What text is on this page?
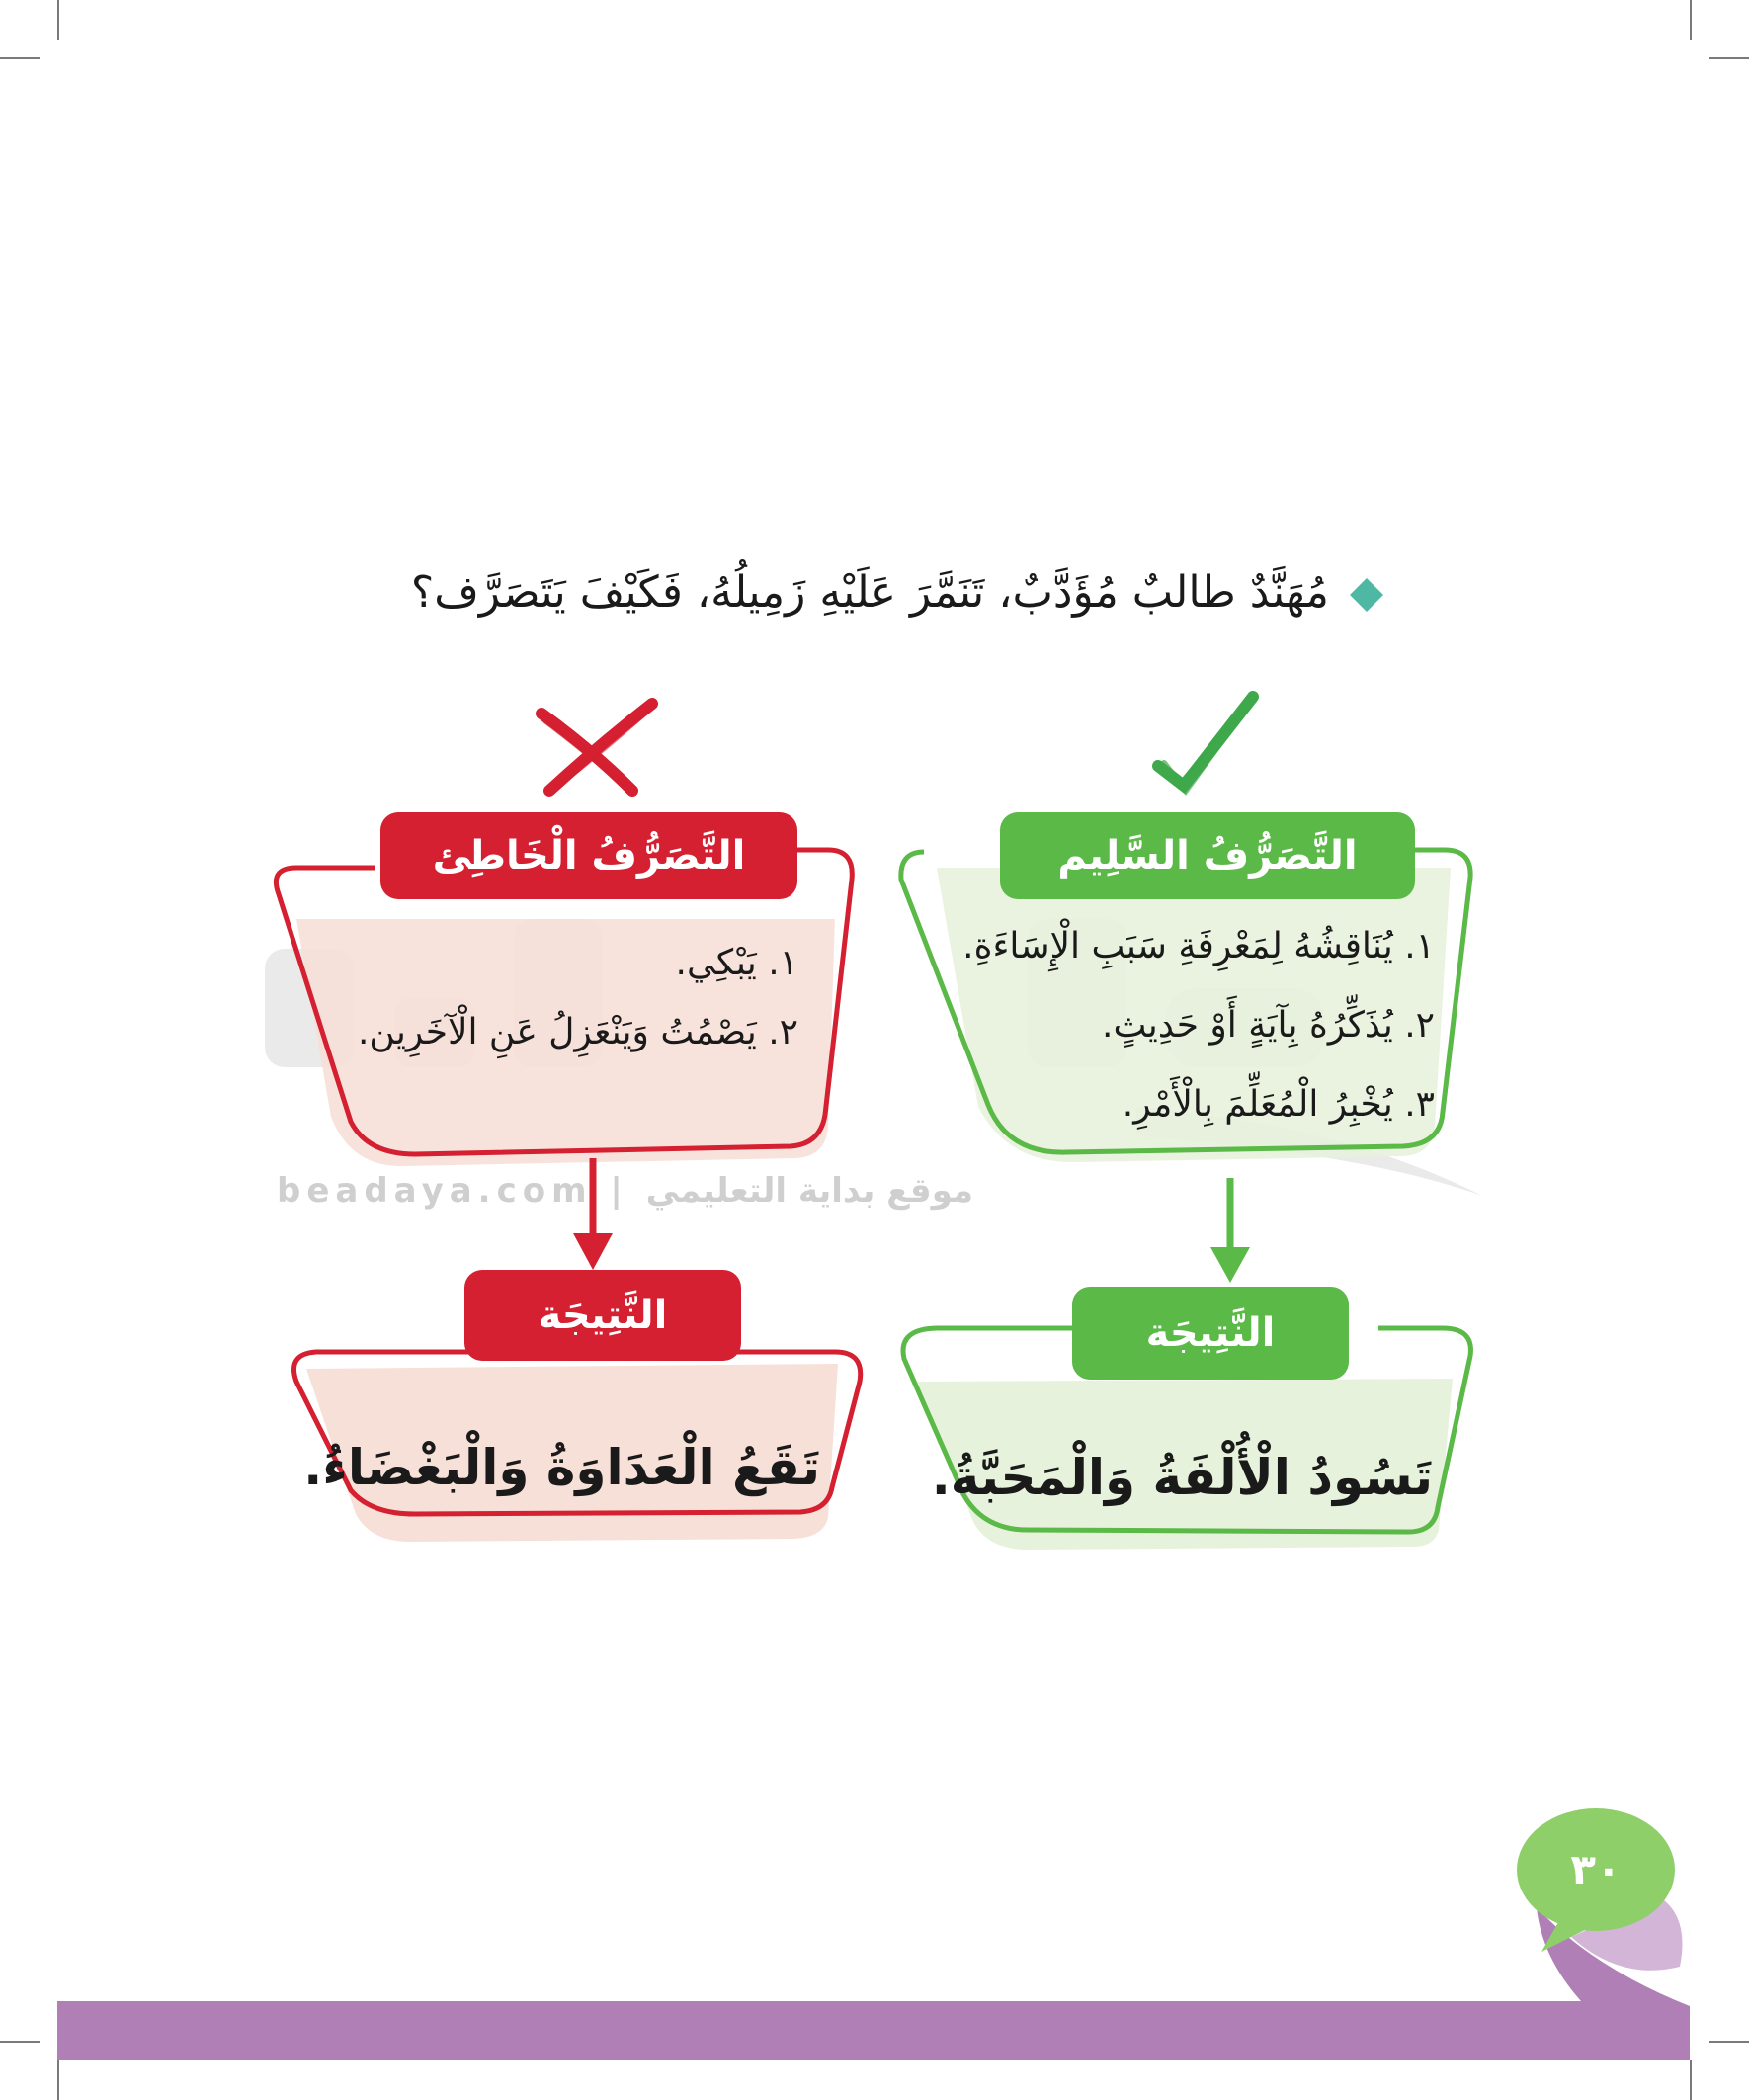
مُهَنَّدٌ طالبٌ مُؤَدَّبٌ، تَنَمَّرَ عَلَيْهِ زَمِيلُهُ، فَكَيْفَ يَتَصَرَّف؟
beadaya.com | موقع بداية التعليمي
التَّصَرُّفُ السَّلِيم
التَّصَرُّفُ الْخَاطِئ
١. يُنَاقِشُهُ لِمَعْرِفَةِ سَبَبِ الْإِسَاءَةِ.
٢. يُذَكِّرُهُ بِآيَةٍ أَوْ حَدِيثٍ.
٣. يُخْبِرُ الْمُعَلِّمَ بِالْأَمْرِ.
١. يَبْكِي.
٢. يَصْمُتُ وَيَنْعَزِلُ عَنِ الْآخَرِين.
النَّتِيجَة
النَّتِيجَة
تَسُودُ الْأُلْفَةُ وَالْمَحَبَّةُ.
تَقَعُ الْعَدَاوَةُ وَالْبَغْضَاءُ.
٣٠
